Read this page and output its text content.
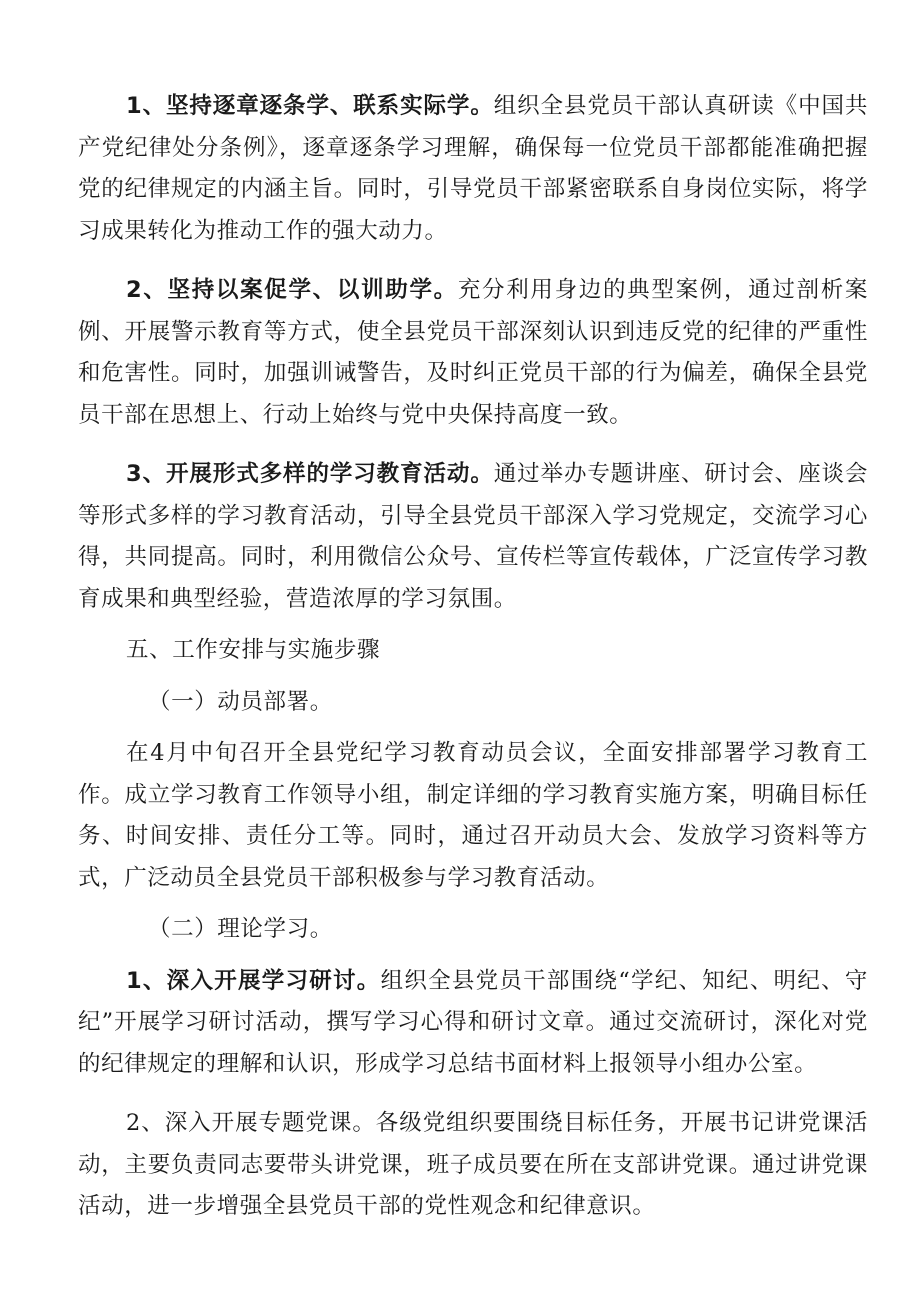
1、坚持逐章逐条学、联系实际学。组织全县党员干部认真研读《中国共产党纪律处分条例》，逐章逐条学习理解，确保每一位党员干部都能准确把握党的纪律规定的内涵主旨。同时，引导党员干部紧密联系自身岗位实际，将学习成果转化为推动工作的强大动力。

2、坚持以案促学、以训助学。充分利用身边的典型案例，通过剖析案例、开展警示教育等方式，使全县党员干部深刻认识到违反党的纪律的严重性和危害性。同时，加强训诫警告，及时纠正党员干部的行为偏差，确保全县党员干部在思想上、行动上始终与党中央保持高度一致。

3、开展形式多样的学习教育活动。通过举办专题讲座、研讨会、座谈会等形式多样的学习教育活动，引导全县党员干部深入学习党规定，交流学习心得，共同提高。同时，利用微信公众号、宣传栏等宣传载体，广泛宣传学习教育成果和典型经验，营造浓厚的学习氛围。

五、工作安排与实施步骤

（一）动员部署。

在4月中旬召开全县党纪学习教育动员会议，全面安排部署学习教育工作。成立学习教育工作领导小组，制定详细的学习教育实施方案，明确目标任务、时间安排、责任分工等。同时，通过召开动员大会、发放学习资料等方式，广泛动员全县党员干部积极参与学习教育活动。

（二）理论学习。

1、深入开展学习研讨。组织全县党员干部围绕“学纪、知纪、明纪、守纪”开展学习研讨活动，撰写学习心得和研讨文章。通过交流研讨，深化对党的纪律规定的理解和认识，形成学习总结书面材料上报领导小组办公室。

2、深入开展专题党课。各级党组织要围绕目标任务，开展书记讲党课活动，主要负责同志要带头讲党课，班子成员要在所在支部讲党课。通过讲党课活动，进一步增强全县党员干部的党性观念和纪律意识。
